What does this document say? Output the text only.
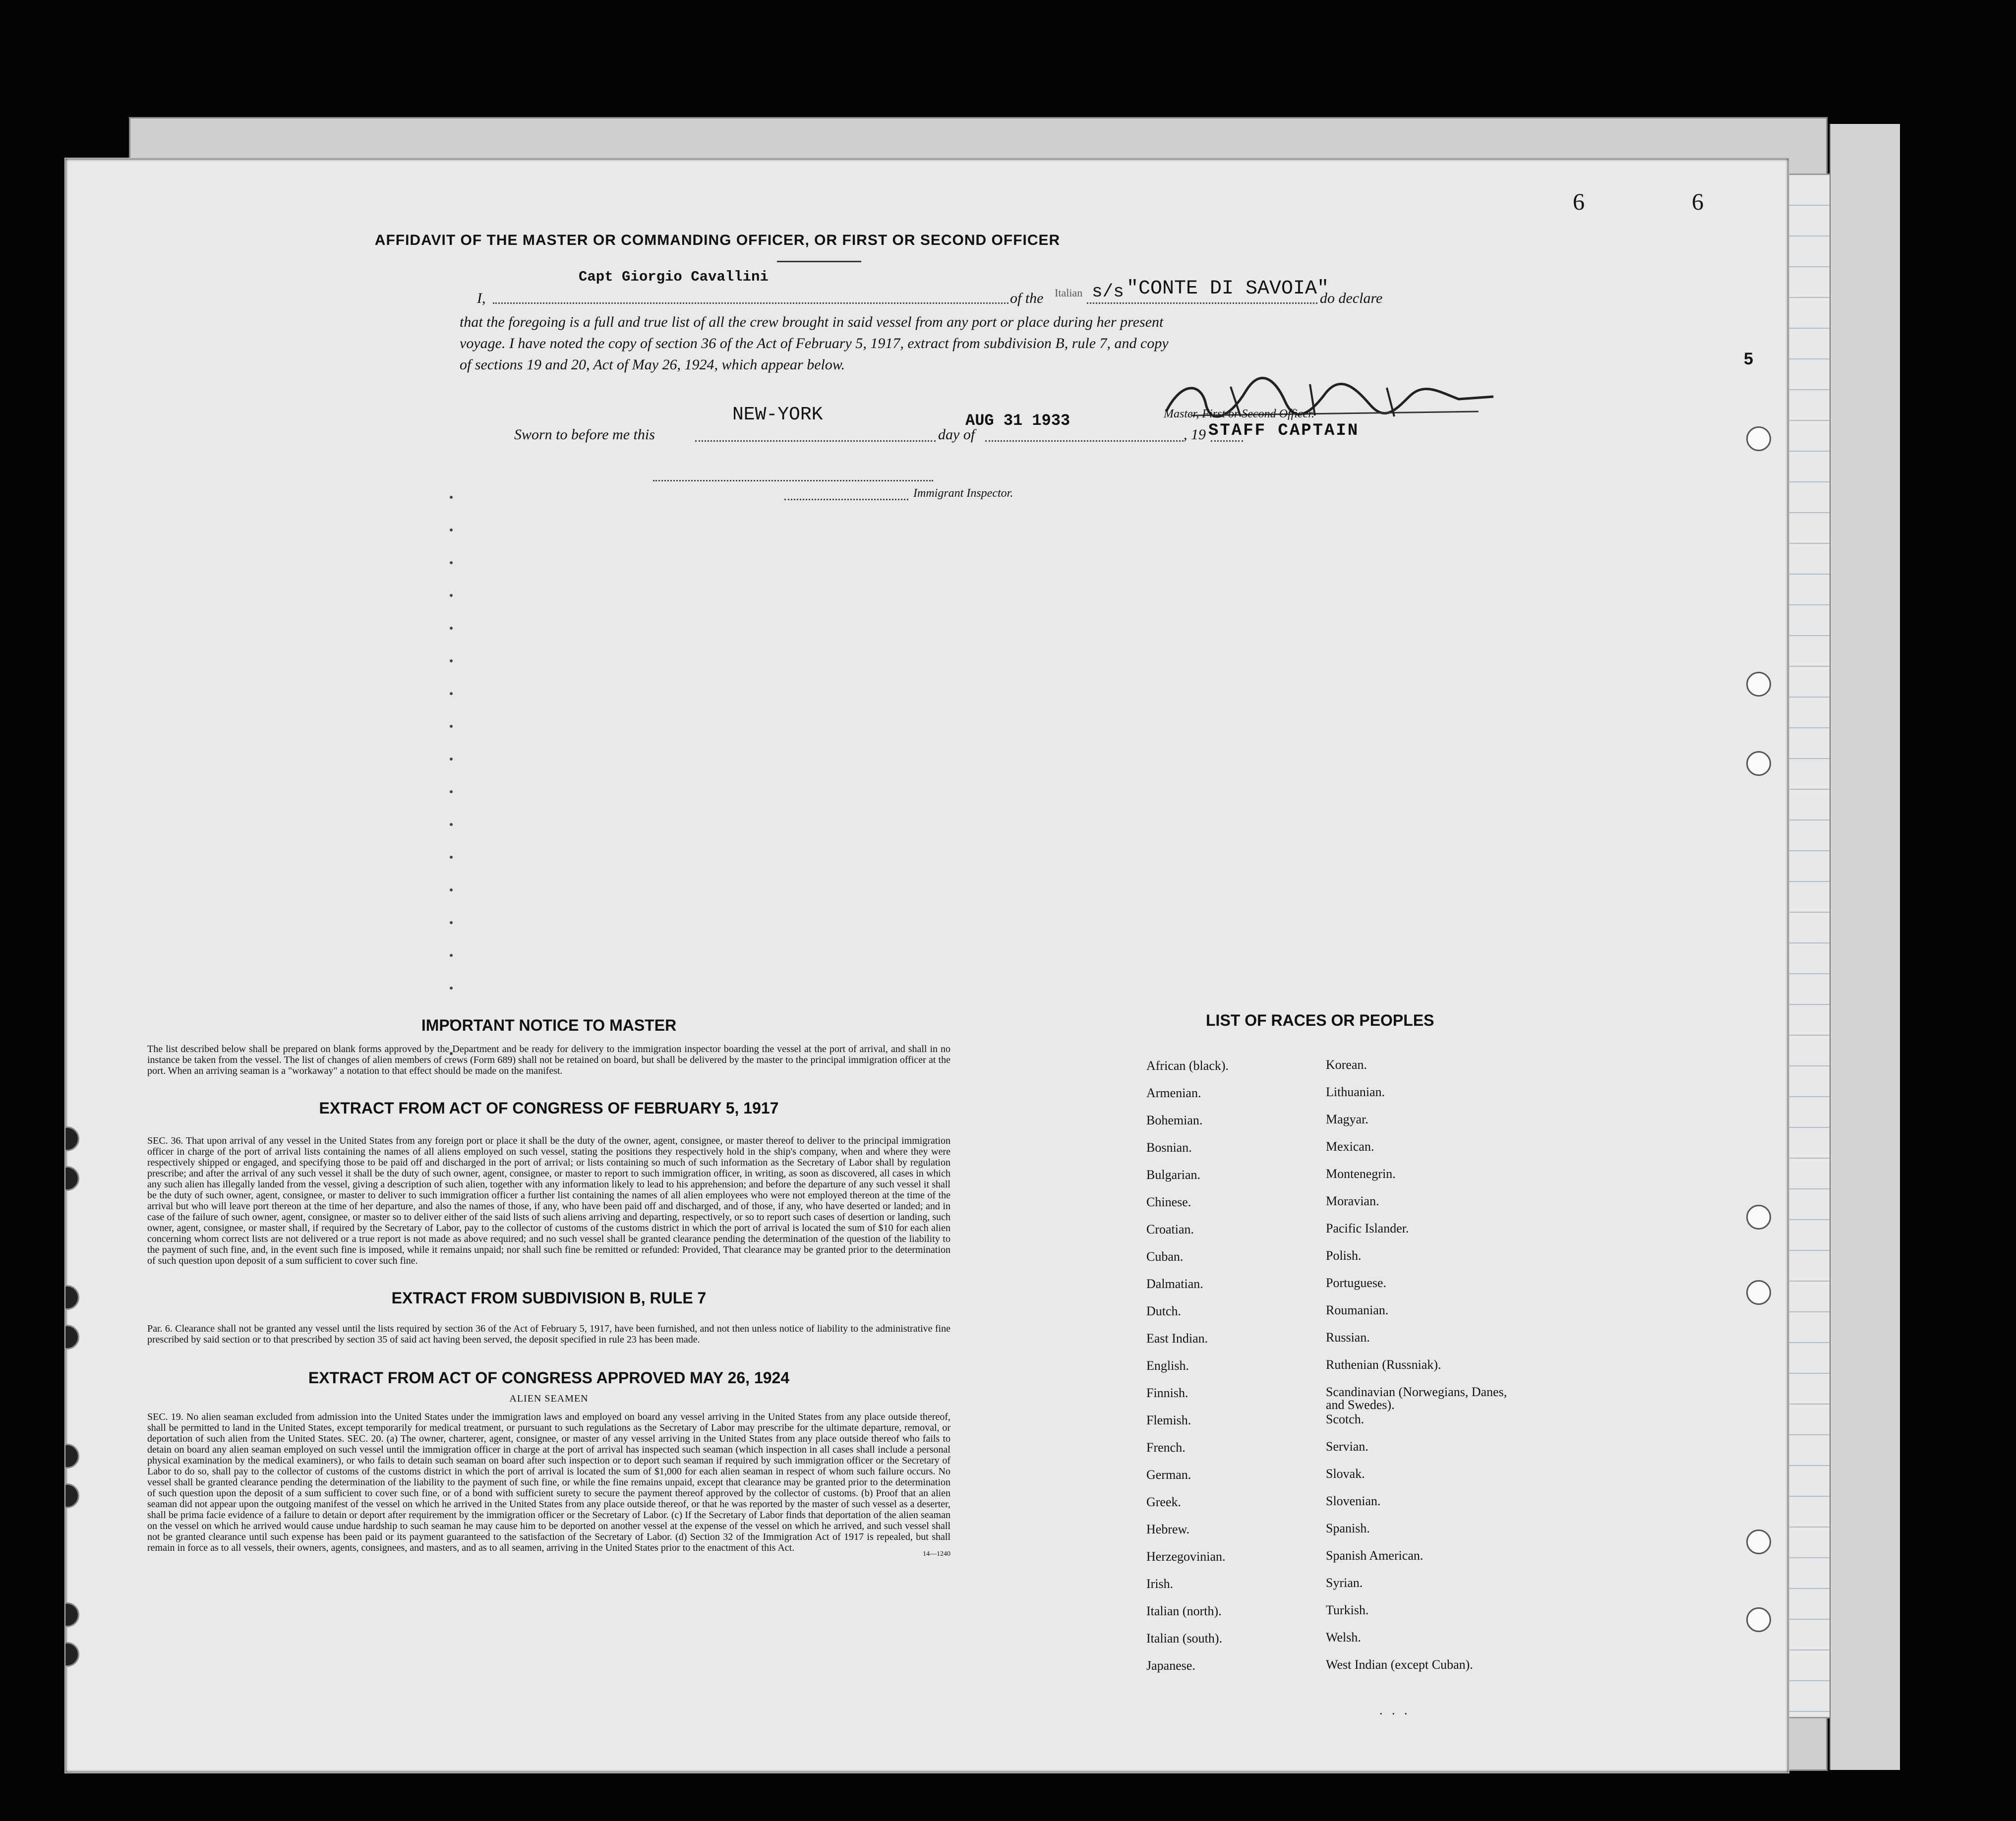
6	6
AFFIDAVIT OF THE MASTER OR COMMANDING OFFICER, OR FIRST OR SECOND OFFICER
Capt Giorgio Cavallini
I,	of the Italian s/s "CONTE DI SAVOIA"
do declare
that the foregoing is a full and true list of all the crew brought in said vessel from any port or place during her present
voyage. I have noted the copy of section 36 of the Act of February 5, 1917, extract from subdivision B, rule 7, and copy
of sections 19 and 20, Act of May 26, 1924, which appear below.
Master, First or Second Officer.
NEW-YORK
Sworn to before me this	day of
AUG 31 1933
, 19 STAFF CAPTAIN
Immigrant Inspector.
5
IMPORTANT NOTICE TO MASTER
The list described below shall be prepared on blank forms approved by the Department and be ready for delivery to the immigration inspector boarding the vessel at the port of arrival, and shall in no instance be taken from the vessel. The list of changes of alien members of crews (Form 689) shall not be retained on board, but shall be delivered by the master to the principal immigration officer at the port. When an arriving seaman is a "workaway" a notation to that effect should be made on the manifest.
EXTRACT FROM ACT OF CONGRESS OF FEBRUARY 5, 1917
SEC. 36. That upon arrival of any vessel in the United States from any foreign port or place it shall be the duty of the owner, agent, consignee, or master thereof to deliver to the principal immigration officer in charge of the port of arrival lists containing the names of all aliens employed on such vessel, stating the positions they respectively hold in the ship's company, when and where they were respectively shipped or engaged, and specifying those to be paid off and discharged in the port of arrival; or lists containing so much of such information as the Secretary of Labor shall by regulation prescribe; and after the arrival of any such vessel it shall be the duty of such owner, agent, consignee, or master to report to such immigration officer, in writing, as soon as discovered, all cases in which any such alien has illegally landed from the vessel, giving a description of such alien, together with any information likely to lead to his apprehension; and before the departure of any such vessel it shall be the duty of such owner, agent, consignee, or master to deliver to such immigration officer a further list containing the names of all alien employees who were not employed thereon at the time of the arrival but who will leave port thereon at the time of her departure, and also the names of those, if any, who have been paid off and discharged, and of those, if any, who have deserted or landed; and in case of the failure of such owner, agent, consignee, or master so to deliver either of the said lists of such aliens arriving and departing, respectively, or so to report such cases of desertion or landing, such owner, agent, consignee, or master shall, if required by the Secretary of Labor, pay to the collector of customs of the customs district in which the port of arrival is located the sum of $10 for each alien concerning whom correct lists are not delivered or a true report is not made as above required; and no such vessel shall be granted clearance pending the determination of the question of the liability to the payment of such fine, and, in the event such fine is imposed, while it remains unpaid; nor shall such fine be remitted or refunded: Provided, That clearance may be granted prior to the determination of such question upon deposit of a sum sufficient to cover such fine.
EXTRACT FROM SUBDIVISION B, RULE 7
Par. 6. Clearance shall not be granted any vessel until the lists required by section 36 of the Act of February 5, 1917, have been furnished, and not then unless notice of liability to the administrative fine prescribed by said section or to that prescribed by section 35 of said act having been served, the deposit specified in rule 23 has been made.
EXTRACT FROM ACT OF CONGRESS APPROVED MAY 26, 1924
ALIEN SEAMEN
SEC. 19. No alien seaman excluded from admission into the United States under the immigration laws and employed on board any vessel arriving in the United States from any place outside thereof, shall be permitted to land in the United States, except temporarily for medical treatment, or pursuant to such regulations as the Secretary of Labor may prescribe for the ultimate departure, removal, or deportation of such alien from the United States. SEC. 20. (a) The owner, charterer, agent, consignee, or master of any vessel arriving in the United States from any place outside thereof who fails to detain on board any alien seaman employed on such vessel until the immigration officer in charge at the port of arrival has inspected such seaman (which inspection in all cases shall include a personal physical examination by the medical examiners), or who fails to detain such seaman on board after such inspection or to deport such seaman if required by such immigration officer or the Secretary of Labor to do so, shall pay to the collector of customs of the customs district in which the port of arrival is located the sum of $1,000 for each alien seaman in respect of whom such failure occurs. No vessel shall be granted clearance pending the determination of the liability to the payment of such fine, or while the fine remains unpaid, except that clearance may be granted prior to the determination of such question upon the deposit of a sum sufficient to cover such fine, or of a bond with sufficient surety to secure the payment thereof approved by the collector of customs. (b) Proof that an alien seaman did not appear upon the outgoing manifest of the vessel on which he arrived in the United States from any place outside thereof, or that he was reported by the master of such vessel as a deserter, shall be prima facie evidence of a failure to detain or deport after requirement by the immigration officer or the Secretary of Labor. (c) If the Secretary of Labor finds that deportation of the alien seaman on the vessel on which he arrived would cause undue hardship to such seaman he may cause him to be deported on another vessel at the expense of the vessel on which he arrived, and such vessel shall not be granted clearance until such expense has been paid or its payment guaranteed to the satisfaction of the Secretary of Labor. (d) Section 32 of the Immigration Act of 1917 is repealed, but shall remain in force as to all vessels, their owners, agents, consignees, and masters, and as to all seamen, arriving in the United States prior to the enactment of this Act.
14—1240
LIST OF RACES OR PEOPLES
African (black).	Korean.
Armenian.	Lithuanian.
Bohemian.	Magyar.
Bosnian.	Mexican.
Bulgarian.	Montenegrin.
Chinese.	Moravian.
Croatian.	Pacific Islander.
Cuban.	Polish.
Dalmatian.	Portuguese.
Dutch.	Roumanian.
East Indian.	Russian.
English.	Ruthenian (Russniak).
Finnish.	Scandinavian (Norwegians, Danes, and Swedes).
Flemish.	Scotch.
French.	Servian.
German.	Slovak.
Greek.	Slovenian.
Hebrew.	Spanish.
Herzegovinian.	Spanish American.
Irish.	Syrian.
Italian (north).	Turkish.
Italian (south).	Welsh.
Japanese.	West Indian (except Cuban).
. . .
